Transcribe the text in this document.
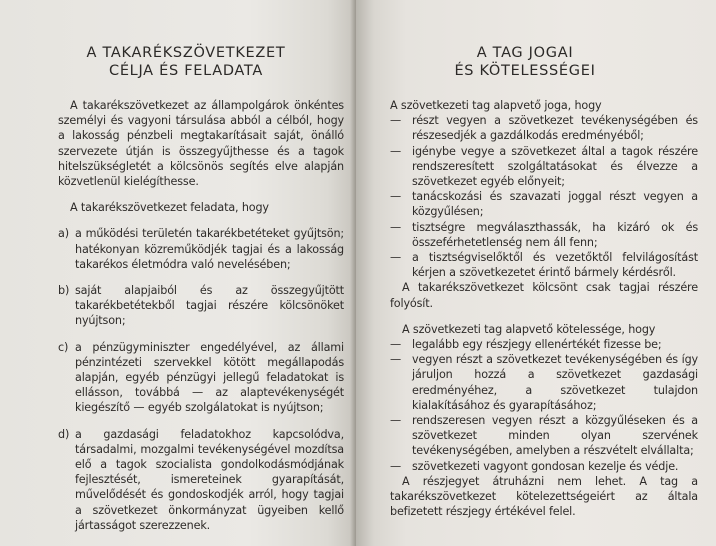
A TAKARÉKSZÖVETKEZET
CÉLJA ÉS FELADATA

A takarékszövetkezet az állampolgárok önkéntes személyi és vagyoni társulása abból a célból, hogy a lakosság pénzbeli megtakarításait saját, önálló szervezete útján is összegyűjthesse és a tagok hitelszükségletét a kölcsönös segítés elve alapján közvetlenül kielégíthesse.

A takarékszövetkezet feladata, hogy

a) a működési területén takarékbetéteket gyűjtsön; hatékonyan közreműködjék tagjai és a lakosság takarékos életmódra való nevelésében;
b) saját alapjaiból és az összegyűjtött takarékbetétekből tagjai részére kölcsönöket nyújtson;
c) a pénzügyminiszter engedélyével, az állami pénzintézeti szervekkel kötött megállapodás alapján, egyéb pénzügyi jellegű feladatokat is ellásson, továbbá — az alaptevékenységét kiegészítő — egyéb szolgálatokat is nyújtson;
d) a gazdasági feladatokhoz kapcsolódva, társadalmi, mozgalmi tevékenységével mozdítsa elő a tagok szocialista gondolkodásmódjának fejlesztését, ismereteinek gyarapítását, művelődését és gondoskodjék arról, hogy tagjai a szövetkezet önkormányzat ügyeiben kellő jártasságot szerezzenek.
A TAG JOGAI
ÉS KÖTELESSÉGEI

A szövetkezeti tag alapvető joga, hogy

— részt vegyen a szövetkezet tevékenységében és részesedjék a gazdálkodás eredményéből;
— igénybe vegye a szövetkezet által a tagok részére rendszeresített szolgáltatásokat és élvezze a szövetkezet egyéb előnyeit;
— tanácskozási és szavazati joggal részt vegyen a közgyűlésen;
— tisztségre megválaszthassák, ha kizáró ok és összeférhetetlenség nem áll fenn;
— a tisztségviselőktől és vezetőktől felvilágosítást kérjen a szövetkezetet érintő bármely kérdésről.

A takarékszövetkezet kölcsönt csak tagjai részére folyósít.

A szövetkezeti tag alapvető kötelessége, hogy

— legalább egy részjegy ellenértékét fizesse be;
— vegyen részt a szövetkezet tevékenységében és így járuljon hozzá a szövetkezet gazdasági eredményéhez, a szövetkezet tulajdon kialakításához és gyarapításához;
— rendszeresen vegyen részt a közgyűléseken és a szövetkezet minden olyan szervének tevékenységében, amelyben a részvételt elvállalta;
— szövetkezeti vagyont gondosan kezelje és védje.

A részjegyet átruházni nem lehet. A tag a takarékszövetkezet kötelezettségeiért az általa befizetett részjegy értékével felel.
